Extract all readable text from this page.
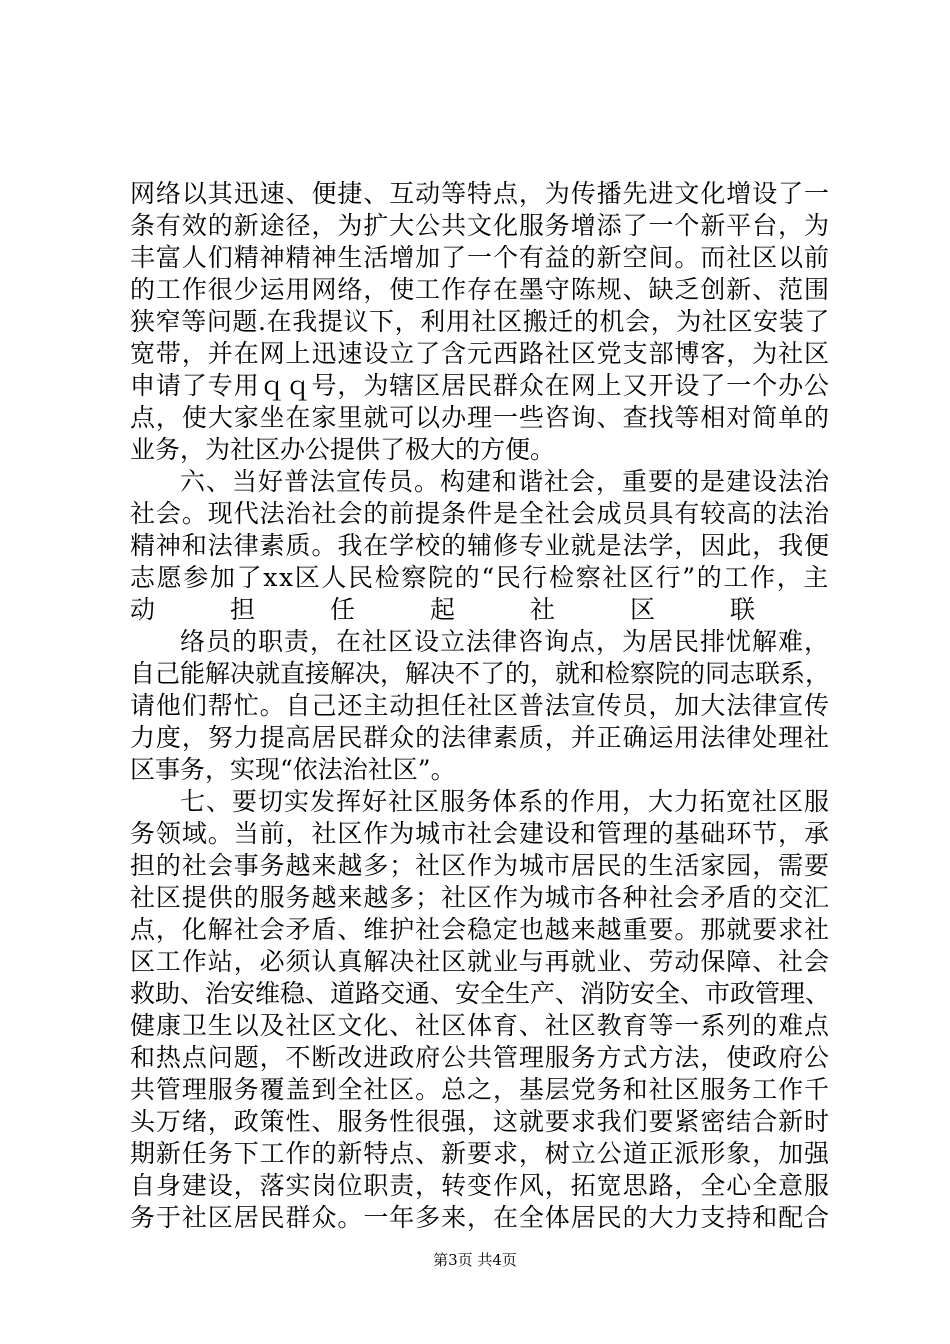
网络以其迅速、便捷、互动等特点，为传播先进文化增设了一
条有效的新途径，为扩大公共文化服务增添了一个新平台，为
丰富人们精神精神生活增加了一个有益的新空间。而社区以前
的工作很少运用网络，使工作存在墨守陈规、缺乏创新、范围
狭窄等问题.在我提议下，利用社区搬迁的机会，为社区安装了
宽带，并在网上迅速设立了含元西路社区党支部博客，为社区
申请了专用ｑｑ号，为辖区居民群众在网上又开设了一个办公
点，使大家坐在家里就可以办理一些咨询、查找等相对简单的
业务，为社区办公提供了极大的方便。
六、当好普法宣传员。构建和谐社会，重要的是建设法治
社会。现代法治社会的前提条件是全社会成员具有较高的法治
精神和法律素质。我在学校的辅修专业就是法学，因此，我便
志愿参加了xx区人民检察院的“民行检察社区行”的工作，主
动担任起社区联
络员的职责，在社区设立法律咨询点，为居民排忧解难，
自己能解决就直接解决，解决不了的，就和检察院的同志联系，
请他们帮忙。自己还主动担任社区普法宣传员，加大法律宣传
力度，努力提高居民群众的法律素质，并正确运用法律处理社
区事务，实现“依法治社区”。
七、要切实发挥好社区服务体系的作用，大力拓宽社区服
务领域。当前，社区作为城市社会建设和管理的基础环节，承
担的社会事务越来越多；社区作为城市居民的生活家园，需要
社区提供的服务越来越多；社区作为城市各种社会矛盾的交汇
点，化解社会矛盾、维护社会稳定也越来越重要。那就要求社
区工作站，必须认真解决社区就业与再就业、劳动保障、社会
救助、治安维稳、道路交通、安全生产、消防安全、市政管理、
健康卫生以及社区文化、社区体育、社区教育等一系列的难点
和热点问题，不断改进政府公共管理服务方式方法，使政府公
共管理服务覆盖到全社区。总之，基层党务和社区服务工作千
头万绪，政策性、服务性很强，这就要求我们要紧密结合新时
期新任务下工作的新特点、新要求，树立公道正派形象，加强
自身建设，落实岗位职责，转变作风，拓宽思路，全心全意服
务于社区居民群众。一年多来，在全体居民的大力支持和配合
第3页 共4页
